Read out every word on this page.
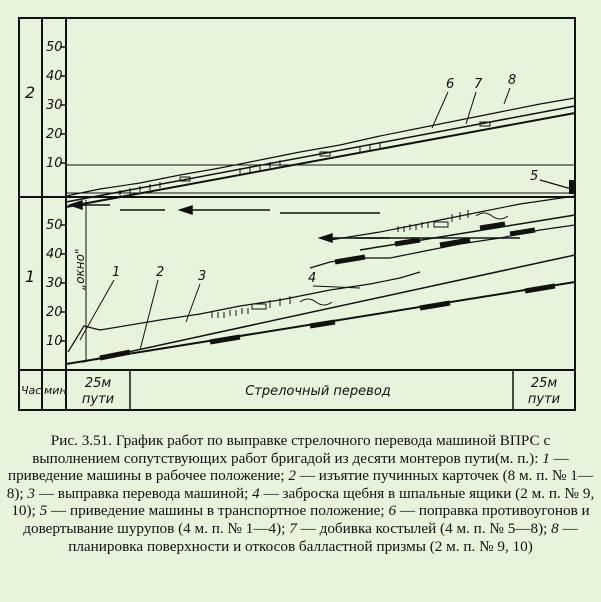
50
40
30
20
10
50
40
30
20
10
2
1
Час мин
„окно" 1	2	3	4
5
6 7 8
25м
пути
Стрелочный перевод
25м
пути
Рис. 3.51. График работ по выправке стрелочного перевода машиной ВПРС с выполнением сопутствующих работ бригадой из десяти монтеров пути(м. п.): 1 — приведение машины в рабочее положение; 2 — изъятие пучинных карточек (8 м. п. № 1—8); 3 — выправка перевода машиной; 4 — заброска щебня в шпальные ящики (2 м. п. № 9, 10); 5 — приведение машины в транспортное положение; 6 — поправка противоугонов и довертывание шурупов (4 м. п. № 1—4); 7 — добивка костылей (4 м. п. № 5—8); 8 — планировка поверхности и откосов балластной призмы (2 м. п. № 9, 10)
